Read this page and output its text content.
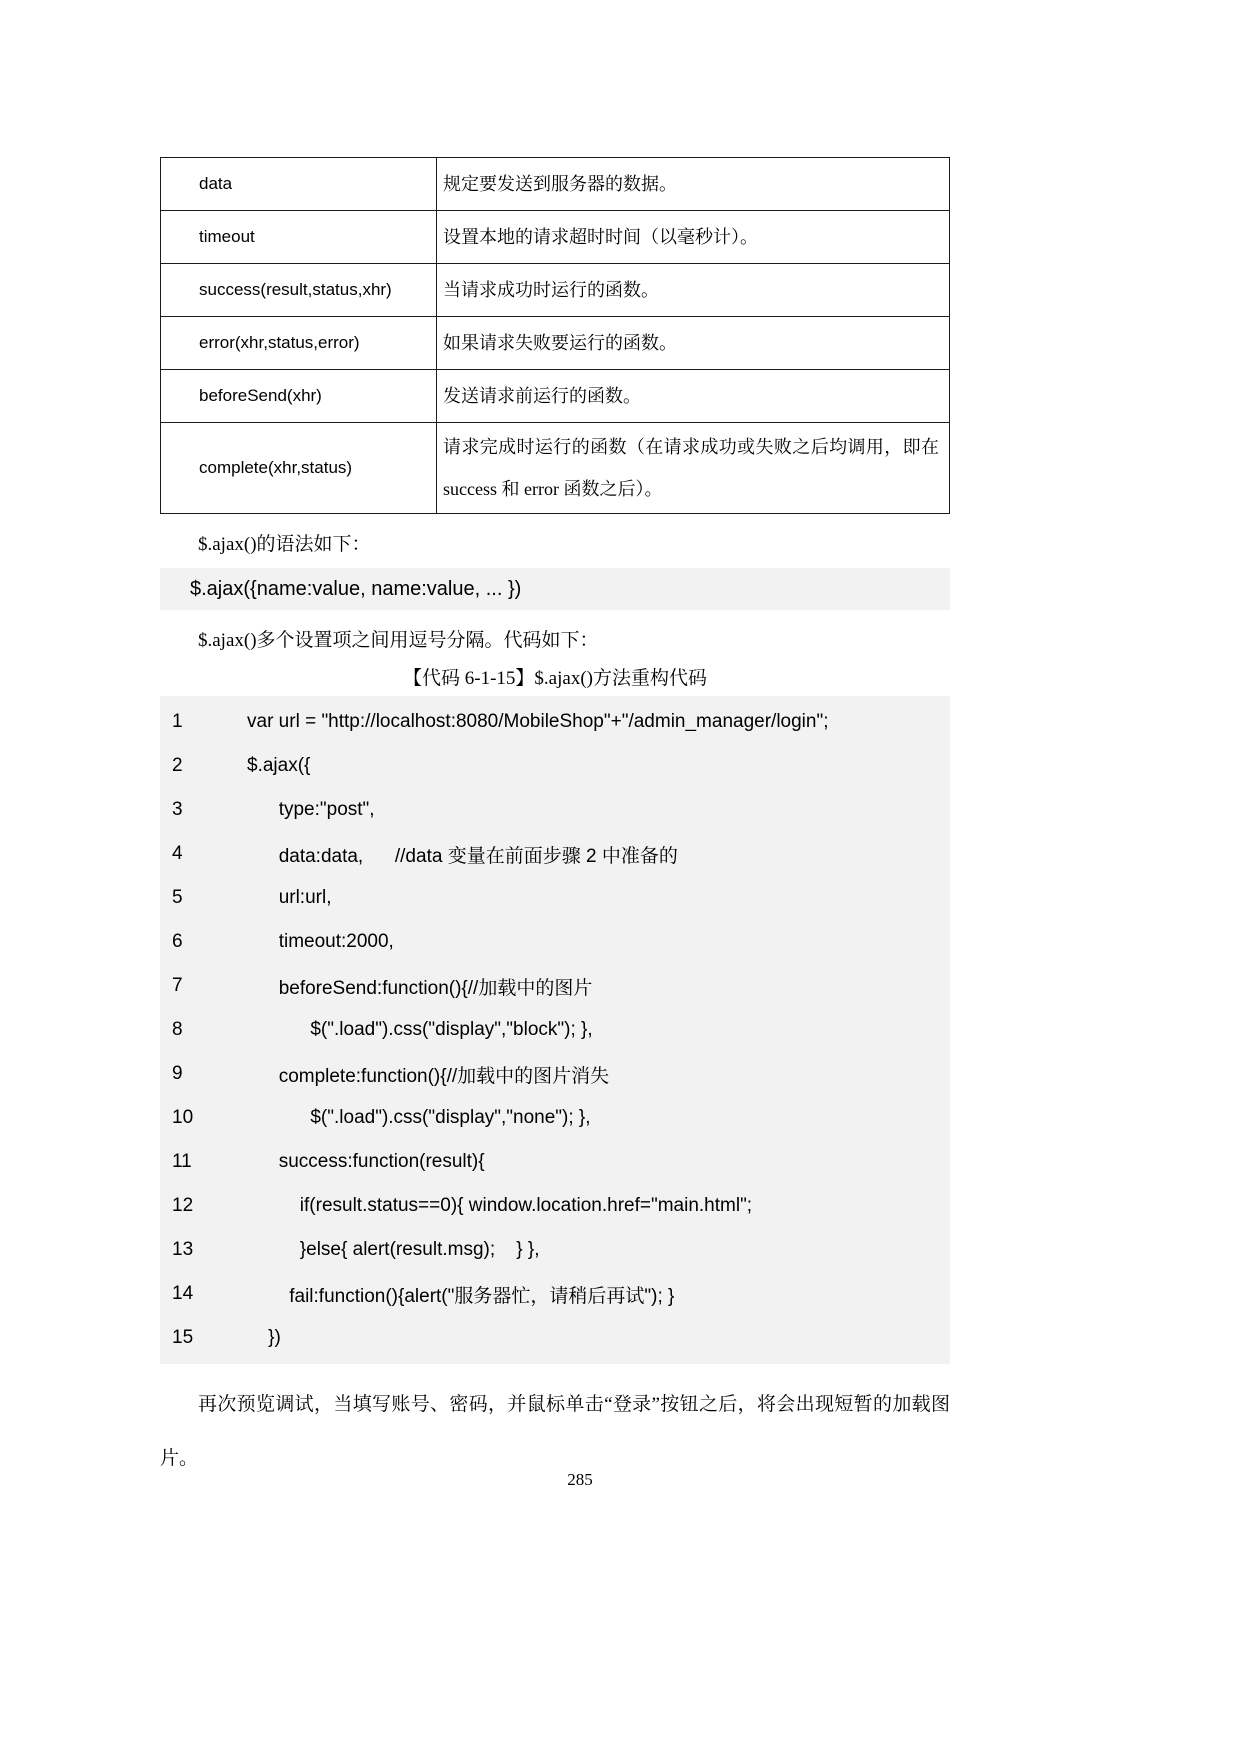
data	规定要发送到服务器的数据。
timeout	设置本地的请求超时时间（以毫秒计）。
success(result,status,xhr)	当请求成功时运行的函数。
error(xhr,status,error)	如果请求失败要运行的函数。
beforeSend(xhr)	发送请求前运行的函数。
complete(xhr,status)	请求完成时运行的函数（在请求成功或失败之后均调用，即在 success 和 error 函数之后）。

$.ajax()的语法如下：

$.ajax({name:value, name:value, ... })

$.ajax()多个设置项之间用逗号分隔。代码如下：

【代码 6-1-15】$.ajax()方法重构代码
1	var url = "http://localhost:8080/MobileShop"+"/admin_manager/login";
2	$.ajax({
3	type:"post",
4	data:data,      //data 变量在前面步骤 2 中准备的
5	url:url,
6	timeout:2000,
7	beforeSend:function(){//加载中的图片
8	$(".load").css("display","block"); },
9	complete:function(){//加载中的图片消失
10	$(".load").css("display","none"); },
11	success:function(result){
12	if(result.status==0){ window.location.href="main.html";
13	}else{ alert(result.msg);    } },
14	fail:function(){alert("服务器忙，请稍后再试"); }
15	})

再次预览调试，当填写账号、密码，并鼠标单击“登录”按钮之后，将会出现短暂的加载图片。

285
